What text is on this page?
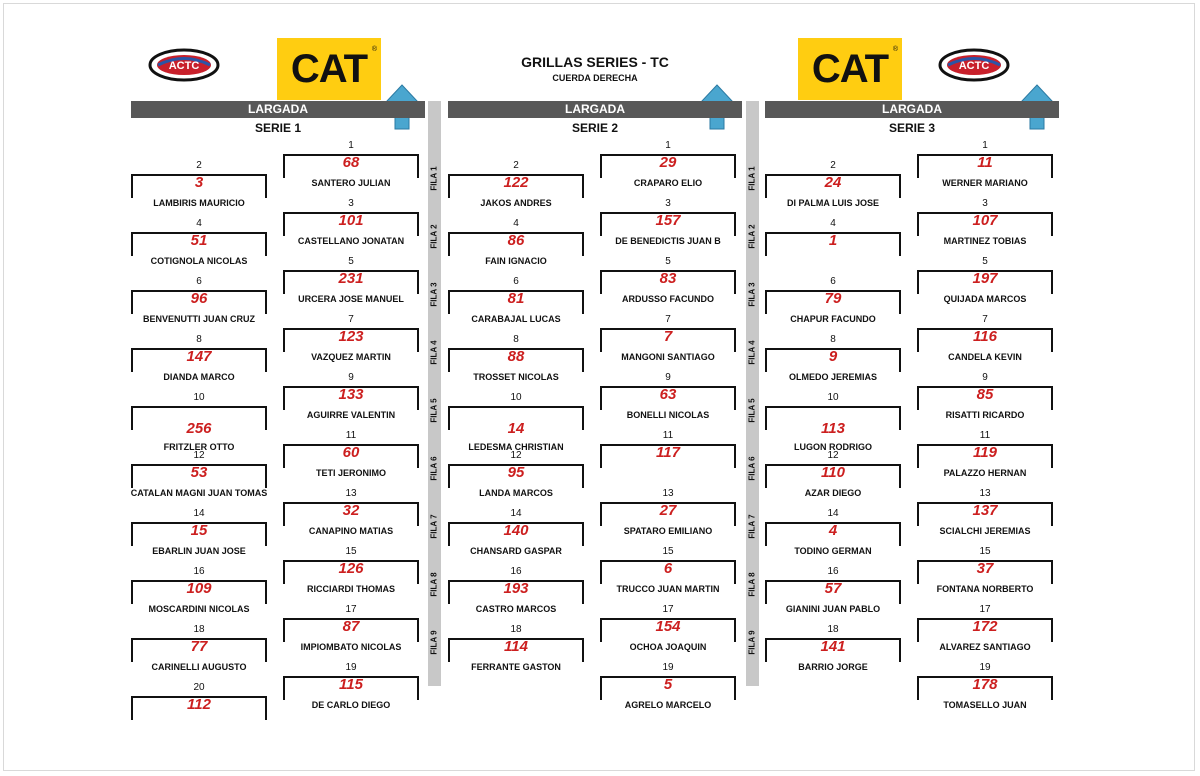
GRILLAS SERIES - TC
CUERDA DERECHA
CAT ®
ACTC	CAT ®
ACTC
LARGADA
SERIE 1
LARGADA
SERIE 2
LARGADA
SERIE 3
FILA 1
FILA 2
FILA 3
FILA 4
FILA 5
FILA 6
FILA 7
FILA 8
FILA 9
FILA 1
FILA 2
FILA 3
FILA 4
FILA 5
FILA 6
FILA 7
FILA 8
FILA 9
1
68
SANTERO JULIAN
3
101
CASTELLANO JONATAN
5
231
URCERA JOSE MANUEL
7
123
VAZQUEZ MARTIN
9
133
AGUIRRE VALENTIN
11
60
TETI JERONIMO
13
32
CANAPINO MATIAS
15
126
RICCIARDI THOMAS
17
87
IMPIOMBATO NICOLAS
19
115
DE CARLO DIEGO
2
3
LAMBIRIS MAURICIO
4
51
COTIGNOLA NICOLAS
6
96
BENVENUTTI JUAN CRUZ
8
147
DIANDA MARCO
10
256
FRITZLER OTTO
12
53
CATALAN MAGNI JUAN TOMAS
14
15
EBARLIN JUAN JOSE
16
109
MOSCARDINI NICOLAS
18
77
CARINELLI AUGUSTO
20
112
1
29
CRAPARO ELIO
3
157
DE BENEDICTIS JUAN B
5
83
ARDUSSO FACUNDO
7
7
MANGONI SANTIAGO
9
63
BONELLI NICOLAS
11
117
13
27
SPATARO EMILIANO
15
6
TRUCCO JUAN MARTIN
17
154
OCHOA JOAQUIN
19
5
AGRELO MARCELO
2
122
JAKOS ANDRES
4
86
FAIN IGNACIO
6
81
CARABAJAL LUCAS
8
88
TROSSET NICOLAS
10
14
LEDESMA CHRISTIAN
12
95
LANDA MARCOS
14
140
CHANSARD GASPAR
16
193
CASTRO MARCOS
18
114
FERRANTE GASTON
1
11
WERNER MARIANO
3
107
MARTINEZ TOBIAS
5
197
QUIJADA MARCOS
7
116
CANDELA KEVIN
9
85
RISATTI RICARDO
11
119
PALAZZO HERNAN
13
137
SCIALCHI JEREMIAS
15
37
FONTANA NORBERTO
17
172
ALVAREZ SANTIAGO
19
178
TOMASELLO JUAN
2
24
DI PALMA LUIS JOSE
4
1
6
79
CHAPUR FACUNDO
8
9
OLMEDO JEREMIAS
10
113
LUGON RODRIGO
12
110
AZAR DIEGO
14
4
TODINO GERMAN
16
57
GIANINI JUAN PABLO
18
141
BARRIO JORGE
